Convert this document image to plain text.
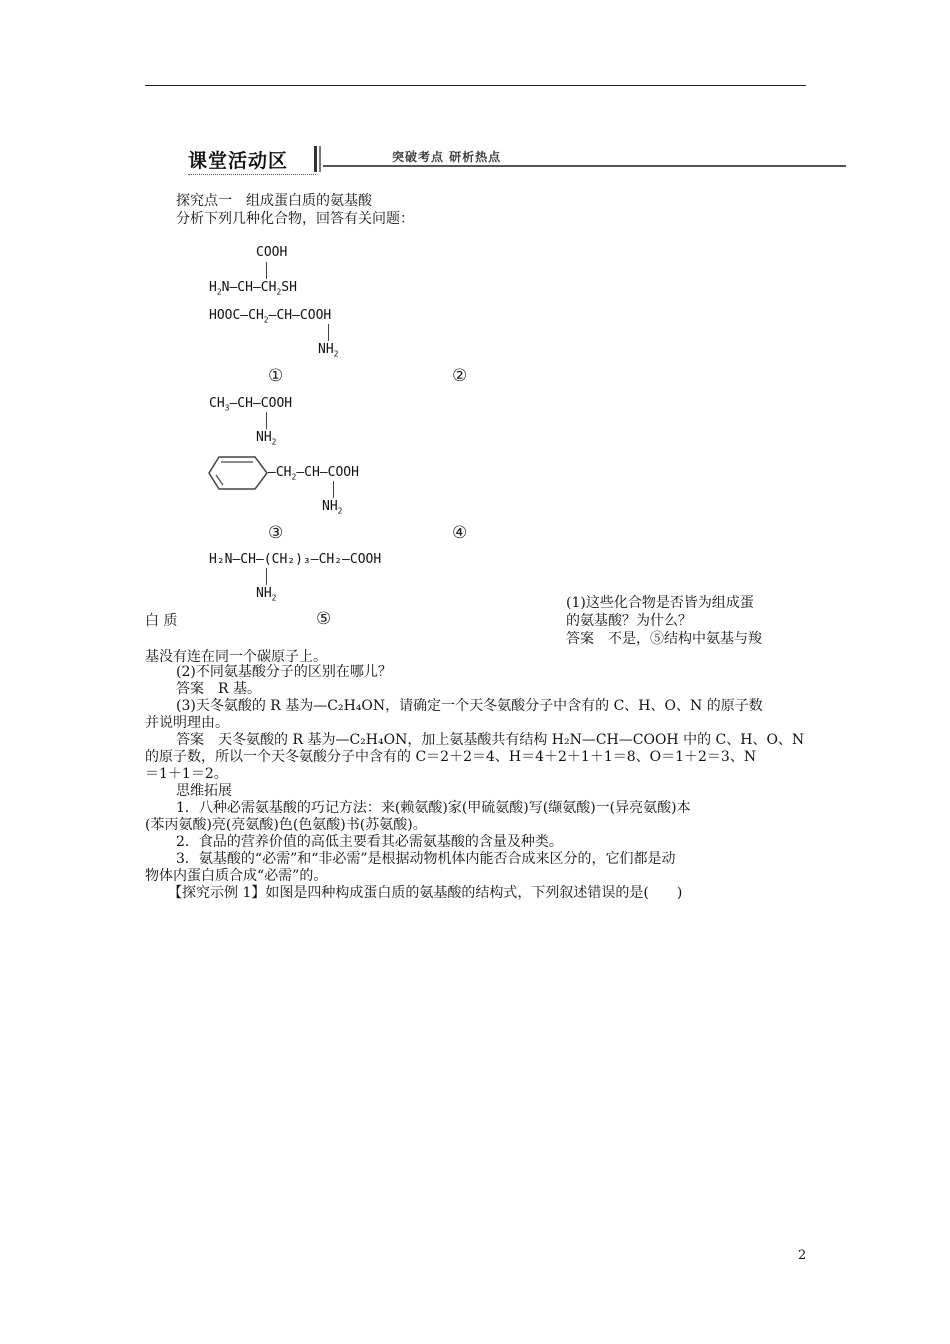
课堂活动区	突破考点 研析热点
探究点一　组成蛋白质的氨基酸
分析下列几种化合物，回答有关问题：
COOH
$H_2N—CH—CH_2SH$
$HOOC—CH_2—CH—COOH$
$NH_2$
①	②
$CH_3—CH—COOH$
$NH_2$
$—CH_2—CH—COOH$
$NH_2$
③	④
H₂N—CH—(CH₂)₃—CH₂—COOH
$NH_2$
⑤
(1)这些化合物是否皆为组成蛋
白 质	的氨基酸？为什么？
答案　不是，⑤结构中氨基与羧
基没有连在同一个碳原子上。
(2)不同氨基酸分子的区别在哪儿？
答案　R 基。
(3)天冬氨酸的 R 基为—C₂H₄ON，请确定一个天冬氨酸分子中含有的 C、H、O、N 的原子数
并说明理由。
答案　天冬氨酸的 R 基为—C₂H₄ON，加上氨基酸共有结构 H₂N—CH—COOH 中的 C、H、O、N
的原子数，所以一个天冬氨酸分子中含有的 C＝2＋2＝4、H＝4＋2＋1＋1＝8、O＝1＋2＝3、N
＝1＋1＝2。
思维拓展
1．八种必需氨基酸的巧记方法：来(赖氨酸)家(甲硫氨酸)写(缬氨酸)一(异亮氨酸)本
(苯丙氨酸)亮(亮氨酸)色(色氨酸)书(苏氨酸)。
2．食品的营养价值的高低主要看其必需氨基酸的含量及种类。
3．氨基酸的“必需”和“非必需”是根据动物机体内能否合成来区分的，它们都是动
物体内蛋白质合成“必需”的。
【探究示例 1】如图是四种构成蛋白质的氨基酸的结构式，下列叙述错误的是(　　)
2
